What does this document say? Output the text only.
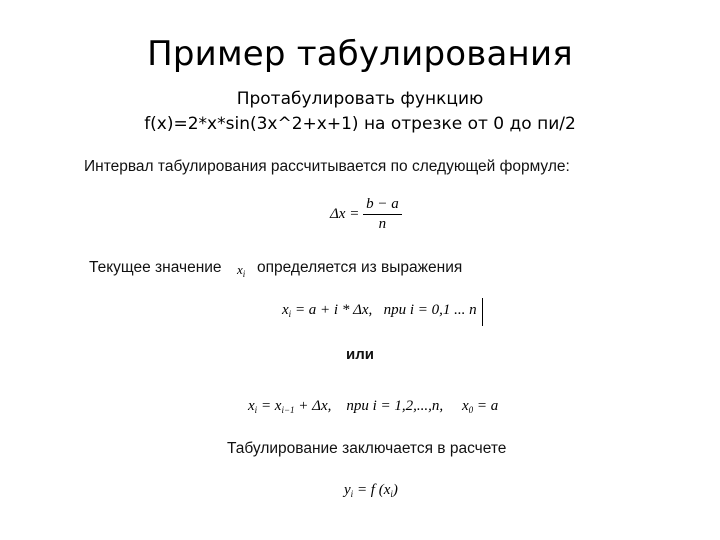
Пример табулирования
Протабулировать функцию
f(x)=2*x*sin(3x^2+x+1) на отрезке от 0 до пи/2
Интервал табулирования рассчитывается по следующей формуле:
$\Delta x = \frac{b - a}{n}$
Текущее значение $x_i$ определяется из выражения
$x_i = a + i * \Delta x$, при i = 0,1 ... n
или
$x_i = x_{i-1} + \Delta x$, при i = 1,2,...,n, $x_0 = a$
Табулирование заключается в расчете
$y_i = f$ $(x_i)$
